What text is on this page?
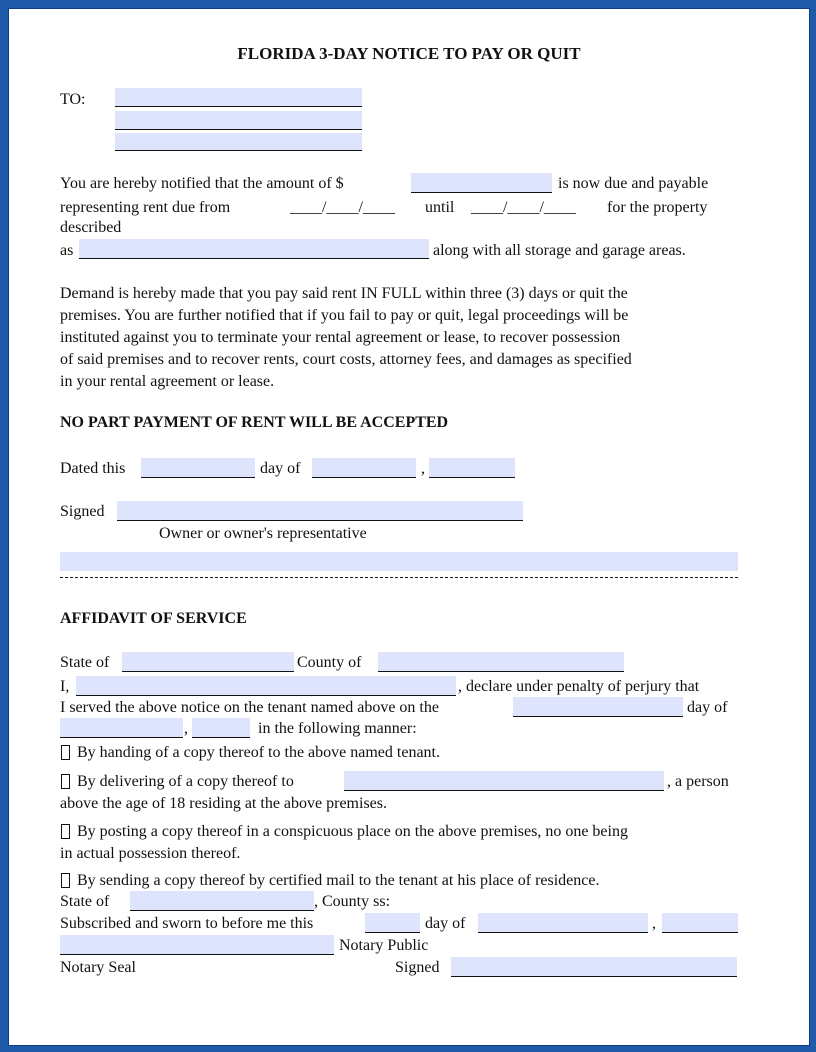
FLORIDA 3-DAY NOTICE TO PAY OR QUIT
TO:
You are hereby notified that the amount of $	is now due and payable
representing rent due from	____/____/____ until ____/____/____ for the property
described
as	along with all storage and garage areas.
Demand is hereby made that you pay said rent IN FULL within three (3) days or quit the
premises. You are further notified that if you fail to pay or quit, legal proceedings will be
instituted against you to terminate your rental agreement or lease, to recover possession
of said premises and to recover rents, court costs, attorney fees, and damages as specified
in your rental agreement or lease.
NO PART PAYMENT OF RENT WILL BE ACCEPTED
Dated this	day of	,
Signed
Owner or owner's representative
AFFIDAVIT OF SERVICE
State of	County of
I,	, declare under penalty of perjury that
I served the above notice on the tenant named above on the	day of
,	in the following manner:
By handing of a copy thereof to the above named tenant.
By delivering of a copy thereof to	, a person
above the age of 18 residing at the above premises.
By posting a copy thereof in a conspicuous place on the above premises, no one being
in actual possession thereof.
By sending a copy thereof by certified mail to the tenant at his place of residence.
State of	, County ss:
Subscribed and sworn to before me this	day of	,
Notary Public
Notary Seal	Signed
